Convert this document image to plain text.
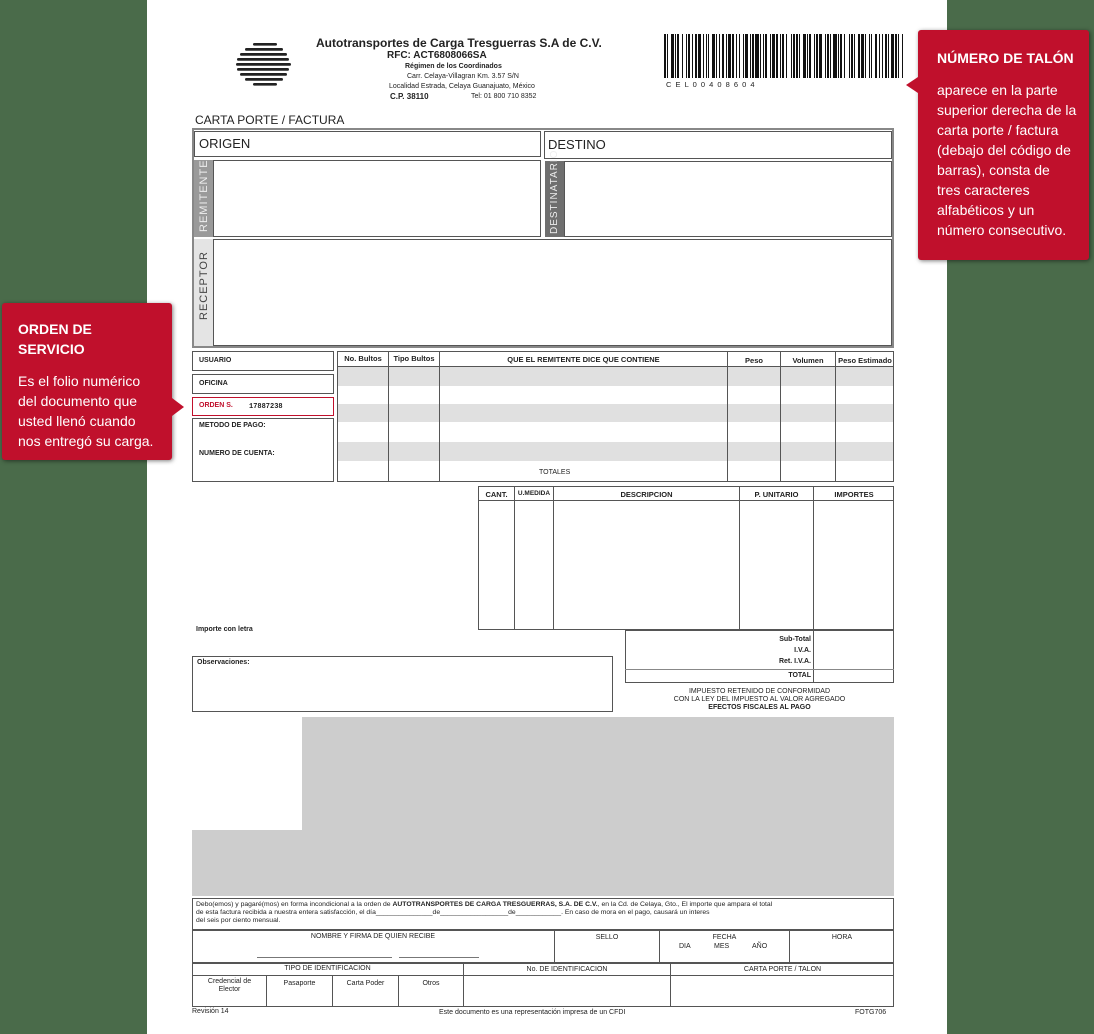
Autotransportes de Carga Tresguerras S.A de C.V.
RFC: ACT6808066SA
Régimen de los Coordinados
Carr. Celaya-Villagran Km. 3.57 S/N
Localidad Estrada, Celaya Guanajuato, México
C.P. 38110	Tel: 01 800 710 8352
C E L 0 0 4 0 8 6 0 4
CARTA PORTE / FACTURA
ORIGEN	DESTINO
REMITENTE	DESTINATARIO
RECEPTOR
USUARIO
OFICINA
ORDEN S. 17887238
METODO DE PAGO:
NUMERO DE CUENTA:
No. Bultos	Tipo Bultos	QUE EL REMITENTE DICE QUE CONTIENE	Peso	Volumen	Peso Estimado
TOTALES
CANT.	U.MEDIDA	DESCRIPCION	P. UNITARIO	IMPORTES
Importe con letra
Sub-Total
I.V.A.
Ret. I.V.A.
TOTAL
Observaciones:
IMPUESTO RETENIDO DE CONFORMIDAD
CON LA LEY DEL IMPUESTO AL VALOR AGREGADO
EFECTOS FISCALES AL PAGO
Debo(emos) y pagaré(mos) en forma incondicional a la orden de AUTOTRANSPORTES DE CARGA TRESGUERRAS, S.A. DE C.V., en la Cd. de Celaya, Gto., El importe que ampara el total
de esta factura recibida a nuestra entera satisfacción, el día_______________de__________________de____________. En caso de mora en el pago, causará un interes
del seis por ciento mensual.
NOMBRE Y FIRMA DE QUIEN RECIBE	SELLO	FECHA
DIA	MES	AÑO
HORA
TIPO DE IDENTIFICACION	No. DE IDENTIFICACION	CARTA PORTE / TALON
Credencial de Elector
Pasaporte	Carta Poder	Otros
Revisión 14	Este documento es una representación impresa de un CFDI	FOTG706
NÚMERO DE TALÓN
aparece en la parte superior derecha de la carta porte / factura (debajo del código de barras), consta de tres caracteres alfabéticos y un número consecutivo.
ORDEN DE SERVICIO
Es el folio numérico del documento que usted llenó cuando nos entregó su carga.
